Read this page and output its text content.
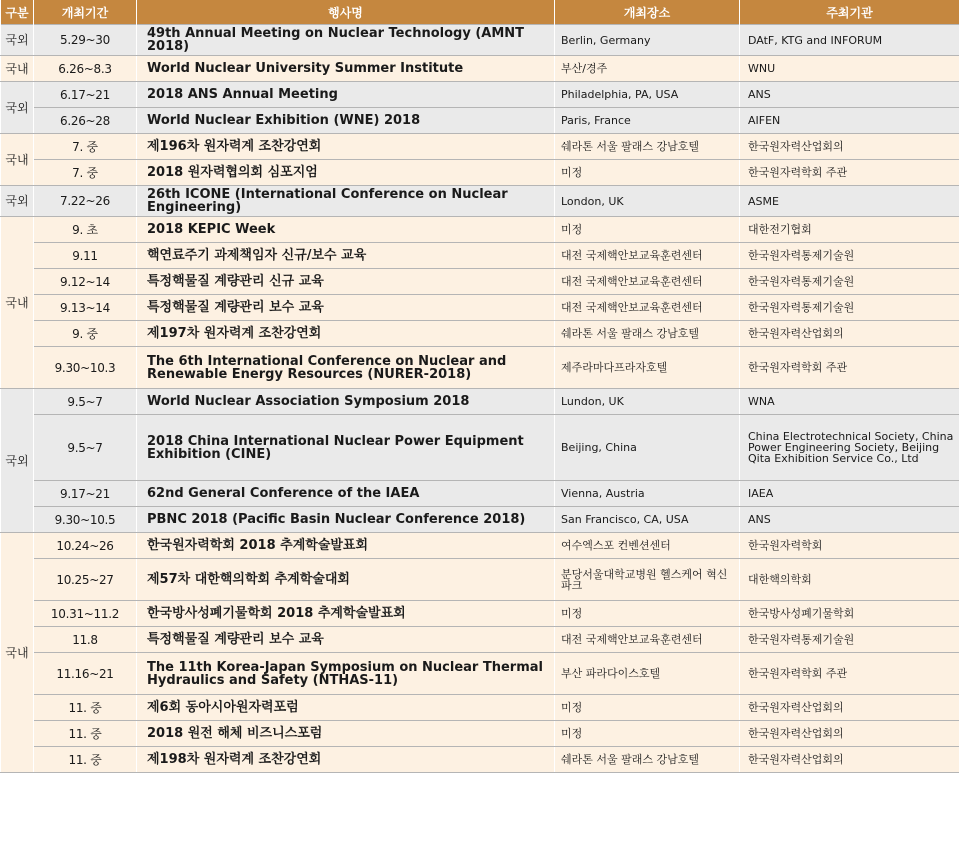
구분	개최기간	행사명	개최장소	주최기관
국외	5.29~30	49th Annual Meeting on Nuclear Technology (AMNT 2018)	Berlin, Germany	DAtF, KTG and INFORUM
국내	6.26~8.3	World Nuclear University Summer Institute	부산/경주	WNU
국외	6.17~21	2018 ANS Annual Meeting	Philadelphia, PA, USA	ANS
	6.26~28	World Nuclear Exhibition (WNE) 2018	Paris, France	AIFEN
국내	7. 중	제196차 원자력계 조찬강연회	쉐라톤 서울 팔래스 강남호텔	한국원자력산업회의
	7. 중	2018 원자력협의회 심포지엄	미정	한국원자력학회 주관
국외	7.22~26	26th ICONE (International Conference on Nuclear Engineering)	London, UK	ASME
국내	9. 초	2018 KEPIC Week	미정	대한전기협회
	9.11	핵연료주기 과제책임자 신규/보수 교육	대전 국제핵안보교육훈련센터	한국원자력통제기술원
	9.12~14	특정핵물질 계량관리 신규 교육	대전 국제핵안보교육훈련센터	한국원자력통제기술원
	9.13~14	특정핵물질 계량관리 보수 교육	대전 국제핵안보교육훈련센터	한국원자력통제기술원
	9. 중	제197차 원자력계 조찬강연회	쉐라톤 서울 팔래스 강남호텔	한국원자력산업회의
	9.30~10.3	The 6th International Conference on Nuclear and Renewable Energy Resources (NURER-2018)	제주라마다프라자호텔	한국원자력학회 주관
국외	9.5~7	World Nuclear Association Symposium 2018	Lundon, UK	WNA
	9.5~7	2018 China International Nuclear Power Equipment Exhibition (CINE)	Beijing, China	China Electrotechnical Society, China Power Engineering Society, Beijing Qita Exhibition Service Co., Ltd
	9.17~21	62nd General Conference of the IAEA	Vienna, Austria	IAEA
	9.30~10.5	PBNC 2018 (Pacific Basin Nuclear Conference 2018)	San Francisco, CA, USA	ANS
국내	10.24~26	한국원자력학회 2018 추계학술발표회	여수엑스포 컨벤션센터	한국원자력학회
	10.25~27	제57차 대한핵의학회 추계학술대회	분당서울대학교병원 헬스케어 혁신파크	대한핵의학회
	10.31~11.2	한국방사성폐기물학회 2018 추계학술발표회	미정	한국방사성폐기물학회
	11.8	특정핵물질 계량관리 보수 교육	대전 국제핵안보교육훈련센터	한국원자력통제기술원
	11.16~21	The 11th Korea-Japan Symposium on Nuclear Thermal Hydraulics and Safety (NTHAS-11)	부산 파라다이스호텔	한국원자력학회 주관
	11. 중	제6회 동아시아원자력포럼	미정	한국원자력산업회의
	11. 중	2018 원전 해체 비즈니스포럼	미정	한국원자력산업회의
	11. 중	제198차 원자력계 조찬강연회	쉐라톤 서울 팔래스 강남호텔	한국원자력산업회의
